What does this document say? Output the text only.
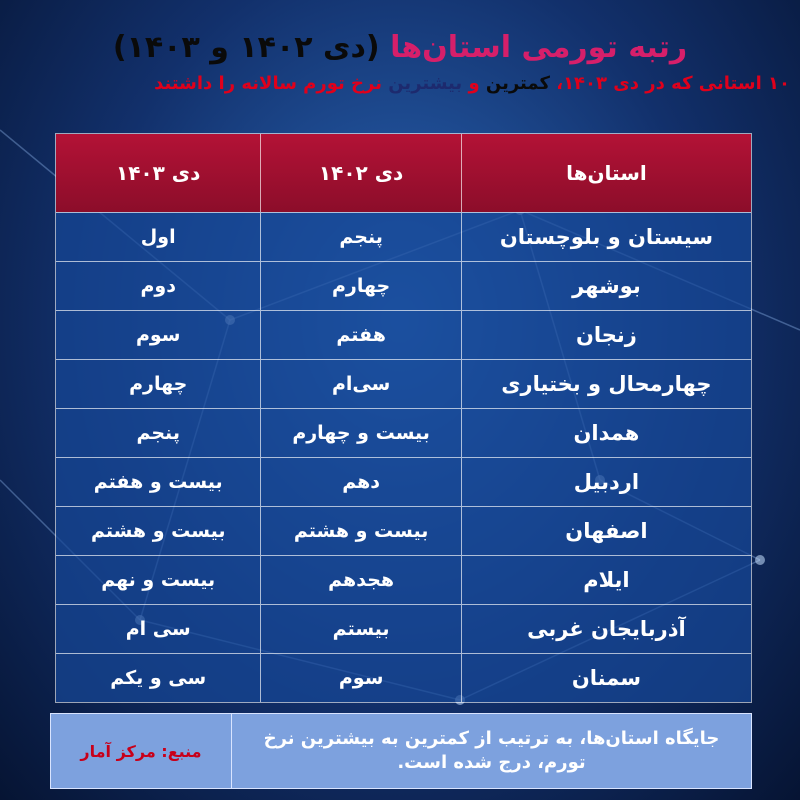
رتبه تورمی استان‌ها (دی ۱۴۰۲ و ۱۴۰۳)
۱۰ استانی که در دی ۱۴۰۳، کمترین و بیشترین نرخ تورم سالانه را داشتند
استان‌ها
دی ۱۴۰۲
دی ۱۴۰۳
سیستان و بلوچستان
پنجم
اول
بوشهر
چهارم
دوم
زنجان
هفتم
سوم
چهارمحال و بختیاری
سی‌ام
چهارم
همدان
بیست و چهارم
پنجم
اردبیل
دهم
بیست و هفتم
اصفهان
بیست و هشتم
بیست و هشتم
ایلام
هجدهم
بیست و نهم
آذربایجان غربی
بیستم
سی ام
سمنان
سوم
سی و یکم
جایگاه استان‌ها، به ترتیب از کمترین به بیشترین نرخ تورم، درج شده است.
منبع: مرکز آمار
